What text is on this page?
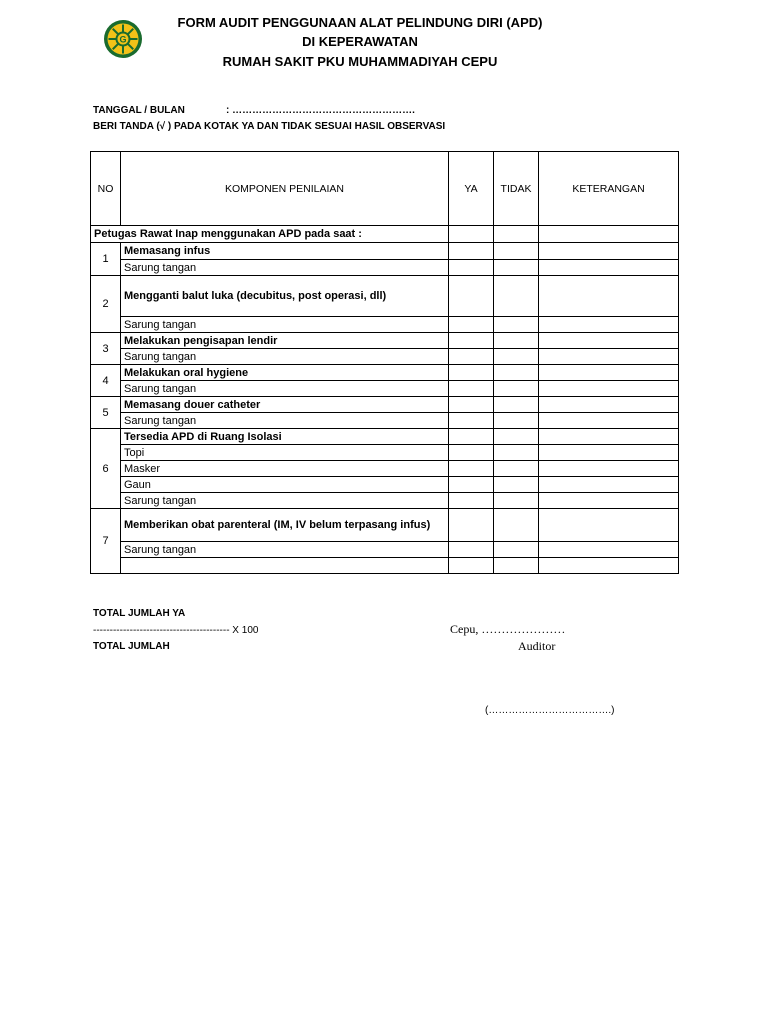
G
FORM AUDIT PENGGUNAAN ALAT PELINDUNG DIRI (APD)
DI KEPERAWATAN
RUMAH SAKIT PKU MUHAMMADIYAH CEPU
TANGGAL / BULAN	: ……………………………………………….
BERI TANDA (√ ) PADA KOTAK YA DAN TIDAK SESUAI HASIL OBSERVASI
NO	KOMPONEN PENILAIAN	YA	TIDAK	KETERANGAN
Petugas Rawat Inap menggunakan APD pada saat :				
1	Memasang infus			
	Sarung tangan			
2	Mengganti balut luka (decubitus, post operasi, dll)			
	Sarung tangan			
3	Melakukan pengisapan lendir			
	Sarung tangan			
4	Melakukan oral hygiene			
	Sarung tangan			
5	Memasang douer catheter			
	Sarung tangan			
6	Tersedia APD di Ruang Isolasi			
	Topi			
	Masker			
	Gaun			
	Sarung tangan			
7	Memberikan obat parenteral (IM, IV belum terpasang infus)			
	Sarung tangan			

TOTAL JUMLAH YA
----------------------------------------- X 100
TOTAL JUMLAH
Cepu, …………………
Auditor
(……………………………….)
